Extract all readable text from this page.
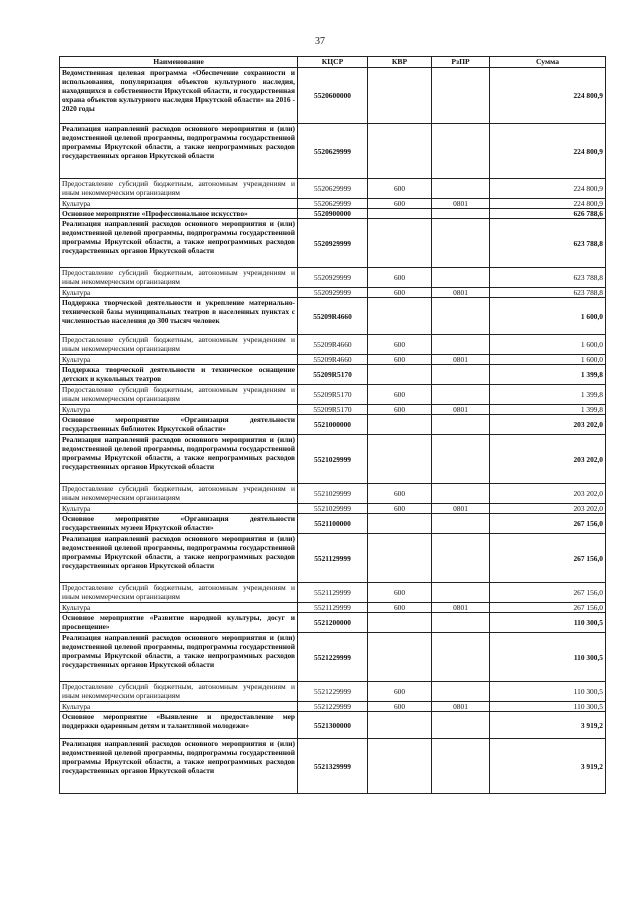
37
Наименование	КЦСР	КВР	РзПР	Сумма
Ведомственная целевая программа «Обеспечение сохранности и использования, популяризация объектов культурного наследия, находящихся в собственности Иркутской области, и государственная охрана объектов культурного наследия Иркутской области» на 2016 - 2020 годы	5520600000			224 800,9
Реализация направлений расходов основного мероприятия и (или) ведомственной целевой программы, подпрограммы государственной программы Иркутской области, а также непрограммных расходов государственных органов Иркутской области	5520629999			224 800,9
Предоставление субсидий бюджетным, автономным учреждениям и иным некоммерческим организациям	5520629999	600		224 800,9
Культура	5520629999	600	0801	224 800,9
Основное мероприятие «Профессиональное искусство»	5520900000			626 788,6
Реализация направлений расходов основного мероприятия и (или) ведомственной целевой программы, подпрограммы государственной программы Иркутской области, а также непрограммных расходов государственных органов Иркутской области	5520929999			623 788,8
Предоставление субсидий бюджетным, автономным учреждениям и иным некоммерческим организациям	5520929999	600		623 788,8
Культура	5520929999	600	0801	623 788,8
Поддержка творческой деятельности и укрепление материально-технической базы муниципальных театров в населенных пунктах с численностью населения до 300 тысяч человек	55209R4660			1 600,0
Предоставление субсидий бюджетным, автономным учреждениям и иным некоммерческим организациям	55209R4660	600		1 600,0
Культура	55209R4660	600	0801	1 600,0
Поддержка творческой деятельности и техническое оснащение детских и кукольных театров	55209R5170			1 399,8
Предоставление субсидий бюджетным, автономным учреждениям и иным некоммерческим организациям	55209R5170	600		1 399,8
Культура	55209R5170	600	0801	1 399,8
Основное мероприятие «Организация деятельности государственных библиотек Иркутской области»	5521000000			203 202,0
Реализация направлений расходов основного мероприятия и (или) ведомственной целевой программы, подпрограммы государственной программы Иркутской области, а также непрограммных расходов государственных органов Иркутской области	5521029999			203 202,0
Предоставление субсидий бюджетным, автономным учреждениям и иным некоммерческим организациям	5521029999	600		203 202,0
Культура	5521029999	600	0801	203 202,0
Основное мероприятие «Организация деятельности государственных музеев Иркутской области»	5521100000			267 156,0
Реализация направлений расходов основного мероприятия и (или) ведомственной целевой программы, подпрограммы государственной программы Иркутской области, а также непрограммных расходов государственных органов Иркутской области	5521129999			267 156,0
Предоставление субсидий бюджетным, автономным учреждениям и иным некоммерческим организациям	5521129999	600		267 156,0
Культура	5521129999	600	0801	267 156,0
Основное мероприятие «Развитие народной культуры, досуг и просвещение»	5521200000			110 300,5
Реализация направлений расходов основного мероприятия и (или) ведомственной целевой программы, подпрограммы государственной программы Иркутской области, а также непрограммных расходов государственных органов Иркутской области	5521229999			110 300,5
Предоставление субсидий бюджетным, автономным учреждениям и иным некоммерческим организациям	5521229999	600		110 300,5
Культура	5521229999	600	0801	110 300,5
Основное мероприятие «Выявление и предоставление мер поддержки одаренным детям и талантливой молодежи»	5521300000			3 919,2
Реализация направлений расходов основного мероприятия и (или) ведомственной целевой программы, подпрограммы государственной программы Иркутской области, а также непрограммных расходов государственных органов Иркутской области	5521329999			3 919,2
